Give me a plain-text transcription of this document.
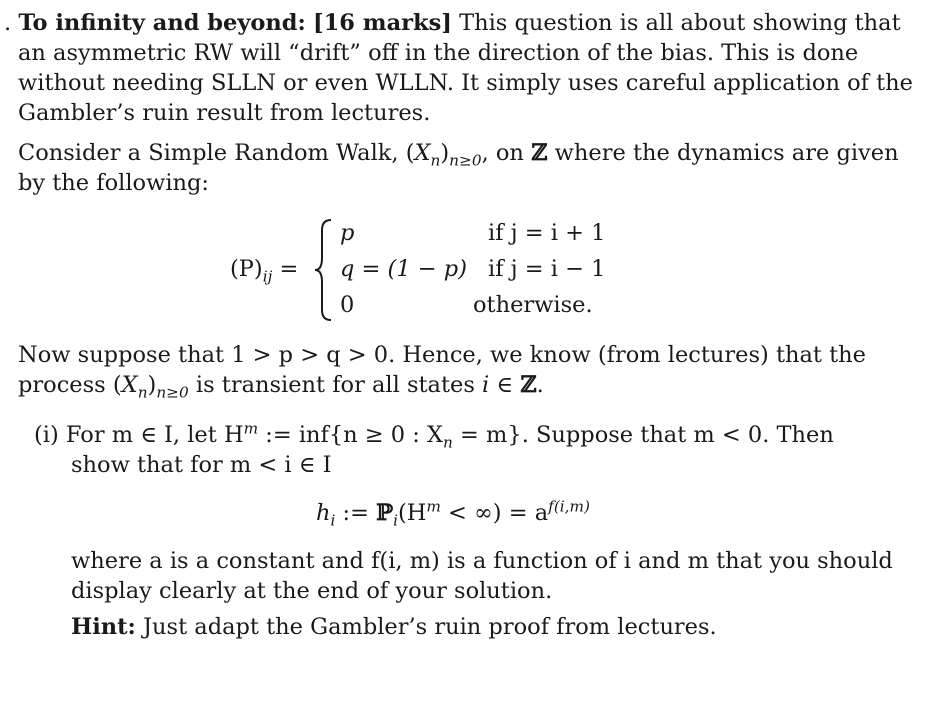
. To infinity and beyond: [16 marks] This question is all about showing that
an asymmetric RW will “drift” off in the direction of the bias. This is done
without needing SLLN or even WLLN. It simply uses careful application of the
Gambler’s ruin result from lectures.
Consider a Simple Random Walk, $(X_n)_{n\ge 0}$, on ℤ where the dynamics are given
by the following:
$(P)_{ij}$ =
p
q = (1 − p)
0
if j = i + 1
if j = i − 1
otherwise.
Now suppose that 1 > p > q > 0. Hence, we know (from lectures) that the
process $(X_n)_{n\ge 0}$ is transient for all states i ∈ ℤ.
(i) For m ∈ I, let $H^m$ := inf{n ≥ 0 : $X_n = m$}. Suppose that m < 0. Then
show that for m < i ∈ I
$h_i$ := $ℙ_i(H^m$ < ∞) = $a^{f(i,m)}$
where a is a constant and f(i, m) is a function of i and m that you should
display clearly at the end of your solution.
Hint: Just adapt the Gambler’s ruin proof from lectures.
